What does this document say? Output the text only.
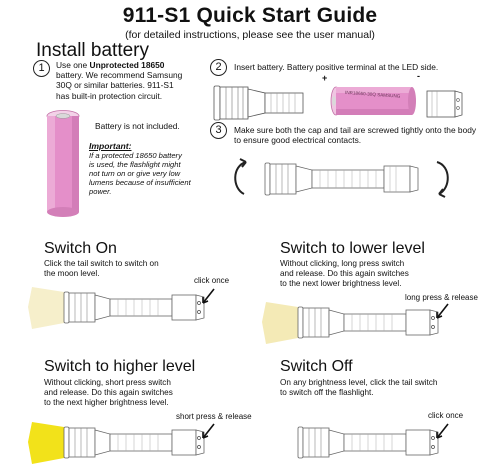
911-S1 Quick Start Guide
(for detailed instructions, please see the user manual)
Install battery
1	Use one Unprotected 18650
battery. We recommend Samsung
30Q or similar batteries. 911-S1
has built-in protection circuit.
Battery is not included.
Important:
If a protected 18650 battery
is used, the flashlight might
not turn on or give very low
lumens because of insufficient
power.
2	Insert battery. Battery positive terminal at the LED side.
+	-
INR18650-30Q SAMSUNG
3	Make sure both the cap and tail are screwed tightly onto the body
to ensure good electrical contacts.
Switch On
Click the tail switch to switch on
the moon level.
click once
Switch to lower level
Without clicking, long press switch
and release. Do this again switches
to the next lower brightness level.
long press & release
Switch to higher level
Without clicking, short press switch
and release. Do this again switches
to the next higher brightness level.
short press & release
Switch Off
On any brightness level, click the tail switch
to switch off the flashlight.
click once
